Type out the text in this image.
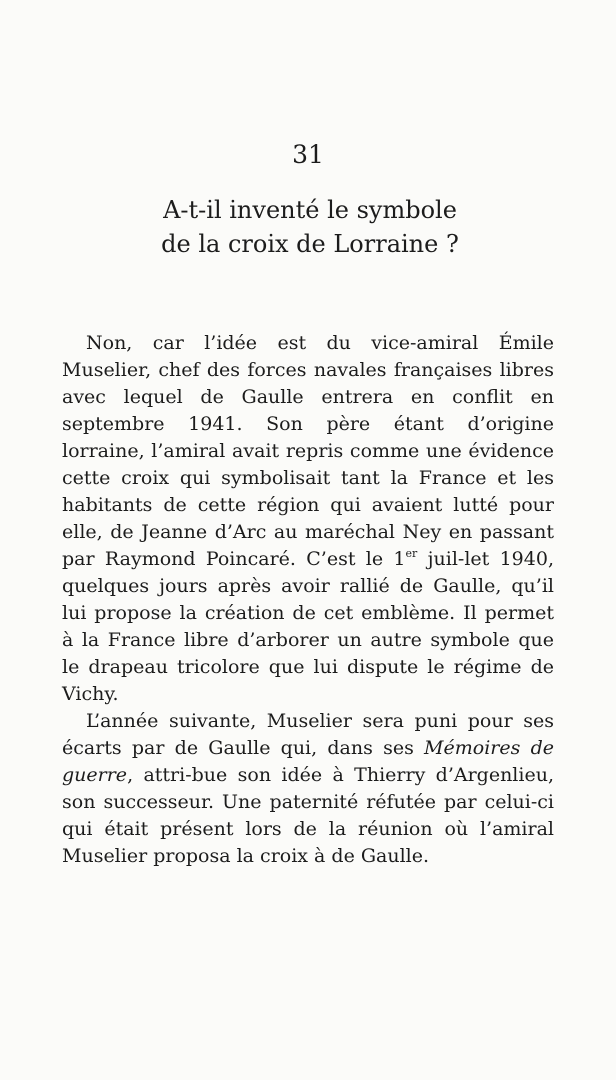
31
A-t-il inventé le symbole
de la croix de Lorraine ?

Non, car l’idée est du vice-amiral Émile Muselier, chef des forces navales françaises libres avec lequel de Gaulle entrera en conflit en septembre 1941. Son père étant d’origine lorraine, l’amiral avait repris comme une évidence cette croix qui symbolisait tant la France et les habitants de cette région qui avaient lutté pour elle, de Jeanne d’Arc au maréchal Ney en passant par Raymond Poincaré. C’est le 1er juil-let 1940, quelques jours après avoir rallié de Gaulle, qu’il lui propose la création de cet emblème. Il permet à la France libre d’arborer un autre symbole que le drapeau tricolore que lui dispute le régime de Vichy.

L’année suivante, Muselier sera puni pour ses écarts par de Gaulle qui, dans ses Mémoires de guerre, attri-bue son idée à Thierry d’Argenlieu, son successeur. Une paternité réfutée par celui-ci qui était présent lors de la réunion où l’amiral Muselier proposa la croix à de Gaulle.
